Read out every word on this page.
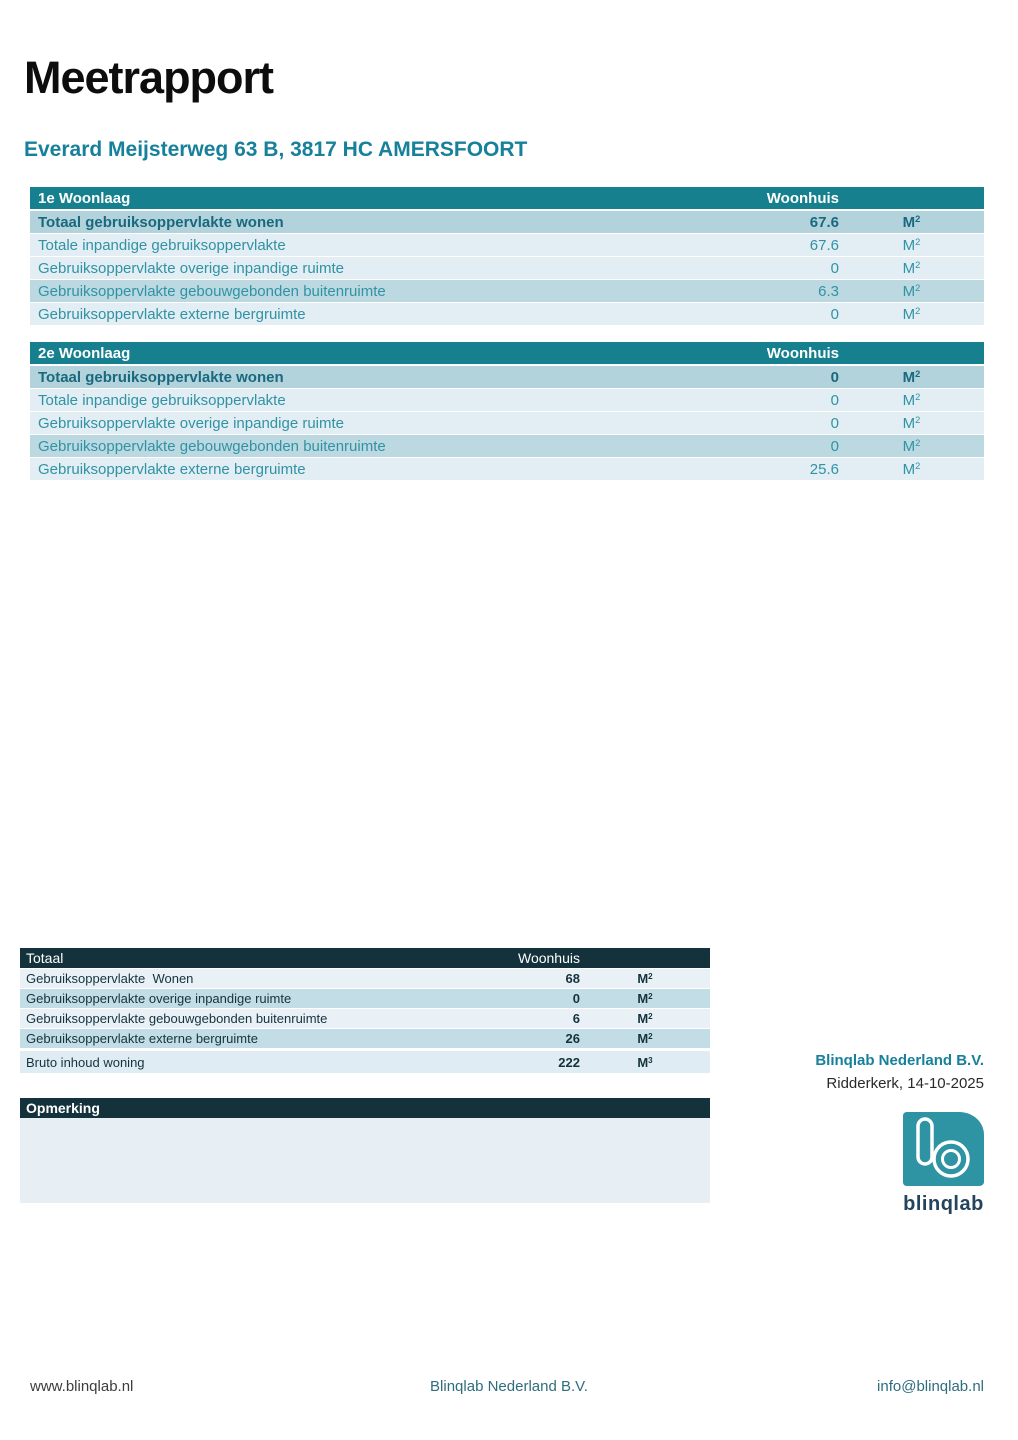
Meetrapport
Everard Meijsterweg 63 B, 3817 HC AMERSFOORT
1e Woonlaag	Woonhuis
Totaal gebruiksoppervlakte wonen	67.6	$M^2$
Totale inpandige gebruiksoppervlakte	67.6	$M^2$
Gebruiksoppervlakte overige inpandige ruimte	0	$M^2$
Gebruiksoppervlakte gebouwgebonden buitenruimte	6.3	$M^2$
Gebruiksoppervlakte externe bergruimte	0	$M^2$
2e Woonlaag	Woonhuis
Totaal gebruiksoppervlakte wonen	0	$M^2$
Totale inpandige gebruiksoppervlakte	0	$M^2$
Gebruiksoppervlakte overige inpandige ruimte	0	$M^2$
Gebruiksoppervlakte gebouwgebonden buitenruimte	0	$M^2$
Gebruiksoppervlakte externe bergruimte	25.6	$M^2$
Totaal	Woonhuis
Gebruiksoppervlakte  Wonen	68	$M^2$
Gebruiksoppervlakte overige inpandige ruimte	0	$M^2$
Gebruiksoppervlakte gebouwgebonden buitenruimte	6	$M^2$
Gebruiksoppervlakte externe bergruimte	26	$M^2$
Bruto inhoud woning	222	$M^3$
Opmerking
Blinqlab Nederland B.V.
Ridderkerk, 14-10-2025
blinqlab
www.blinqlab.nl	Blinqlab Nederland B.V.	info@blinqlab.nl
